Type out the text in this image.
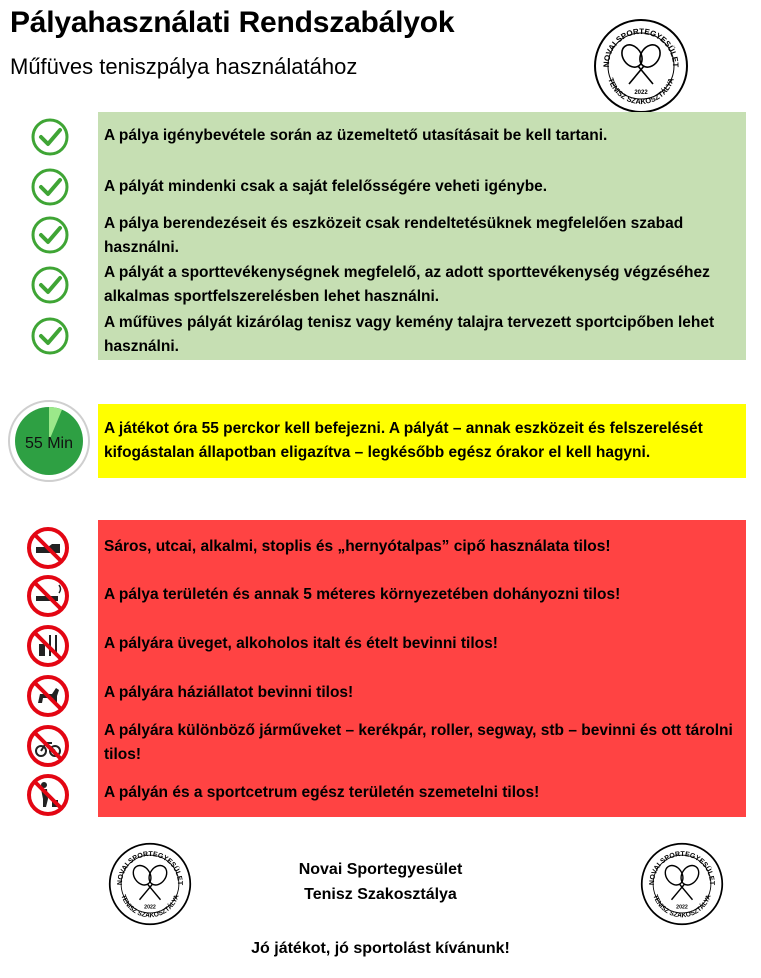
Pályahasználati Rendszabályok
Műfüves teniszpálya használatához	NOVAI SPORTEGYESÜLET
TENISZ SZAKOSZTÁLYA
2022
A pálya igénybevétele során az üzemeltető utasításait be kell tartani.
A pályát mindenki csak a saját felelősségére veheti igénybe.
A pálya berendezéseit és eszközeit csak rendeltetésüknek megfelelően szabad használni.
A pályát a sporttevékenységnek megfelelő, az adott sporttevékenység végzéséhez alkalmas sportfelszerelésben lehet használni.
A műfüves pályát kizárólag tenisz vagy kemény talajra tervezett sportcipőben lehet használni.
55 Min
A játékot óra 55 perckor kell befejezni. A pályát – annak eszközeit és felszerelését kifogástalan állapotban eligazítva – legkésőbb egész órakor el kell hagyni.
Sáros, utcai, alkalmi, stoplis és „hernyótalpas” cipő használata tilos!
A pálya területén és annak 5 méteres környezetében dohányozni tilos!
A pályára üveget, alkoholos italt és ételt bevinni tilos!
A pályára háziállatot bevinni tilos!
A pályára különböző járműveket – kerékpár, roller, segway, stb – bevinni és ott tárolni tilos!
A pályán és a sportcetrum egész területén szemetelni tilos!
NOVAI SPORTEGYESÜLET
TENISZ SZAKOSZTÁLYA
2022
NOVAI SPORTEGYESÜLET
TENISZ SZAKOSZTÁLYA
2022
Novai Sportegyesület
Tenisz Szakosztálya
Jó játékot, jó sportolást kívánunk!
